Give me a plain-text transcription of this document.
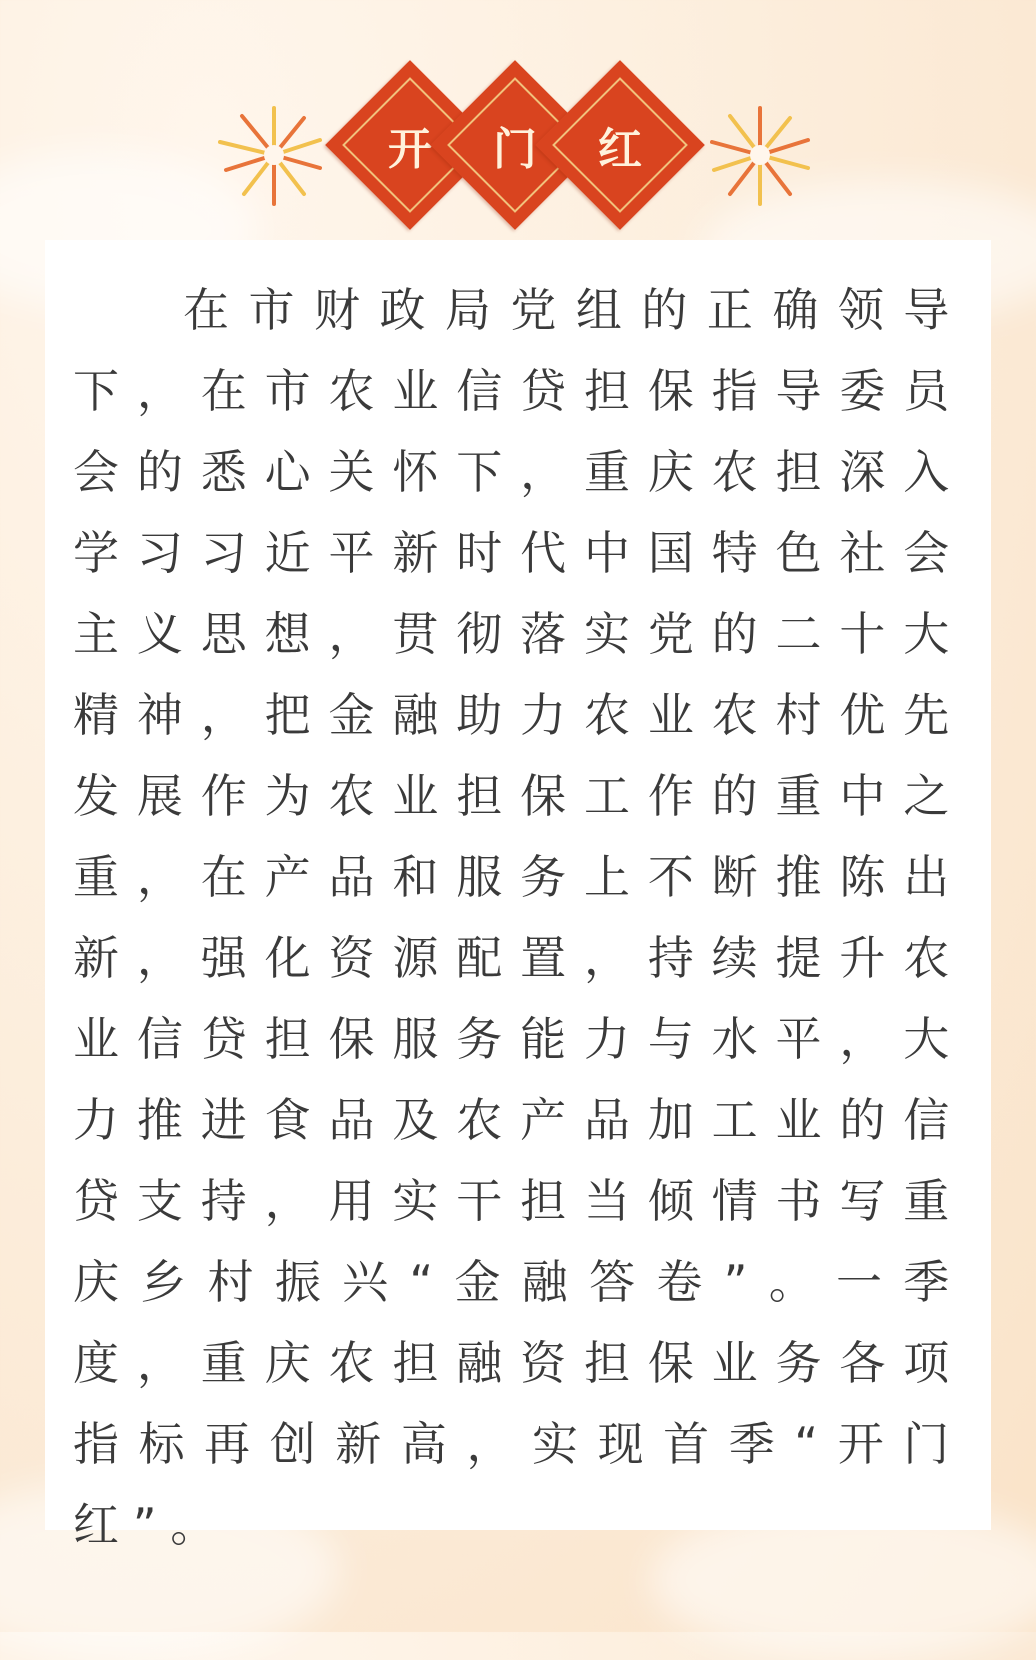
开	门	红

在市财政局党组的正确领导下，在市农业信贷担保指导委员会的悉心关怀下，重庆农担深入学习习近平新时代中国特色社会主义思想，贯彻落实党的二十大精神，把金融助力农业农村优先发展作为农业担保工作的重中之重，在产品和服务上不断推陈出新，强化资源配置，持续提升农业信贷担保服务能力与水平，大力推进食品及农产品加工业的信贷支持，用实干担当倾情书写重庆乡村振兴“金融答卷”。一季度，重庆农担融资担保业务各项指标再创新高，实现首季“开门红”。
